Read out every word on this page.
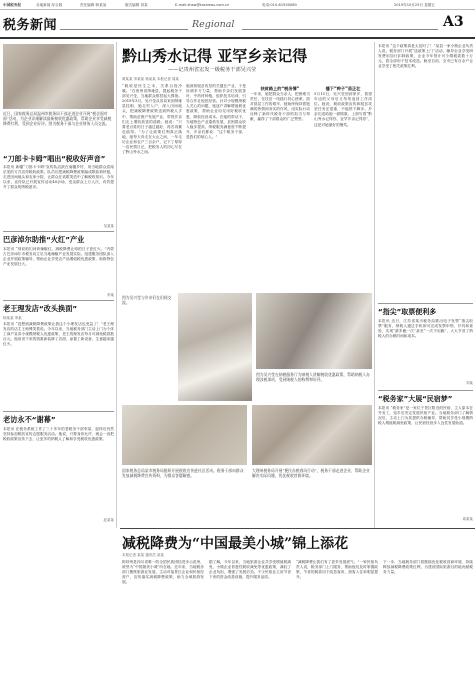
中国税务报	各地新闻 综合版	责任编辑 韩某某	版式编辑 刘某	E-mail:zhsw@taxnews.com.cn	电话:010-61930080	2019年10月25日 星期五
税务新闻	Regional	A3
近日，国家税务总局温州市税务局干部走进企业开展“税企面对面”活动，为企业详细解读最新税收优惠政策，帮助企业享受减税降费红利，受到企业好评。图为税务干部与企业财务人员交流。
“刀郎卡卡姆”唱出“税收好声音”
本报讯 新疆“刀郎卡卡姆”宣传队活跃在南疆乡村，用当地群众喜闻乐见的方式宣传税收政策。队员们把减税降费政策编成歌曲和快板，走进田间地头和农家小院，让群众在欢歌笑语中了解税收知识。今年以来，宣传队已开展宣传活动40余场，受众群众上万人次，有效提升了群众的纳税意识。
吴某某
巴彦淖尔助推“火红”产业
本报讯 “别说咱们河套辣椒红，减税降费让咱的日子更红火。”内蒙古巴彦淖尔市税务局立足当地辣椒产业发展实际，组建服务团队深入企业开展政策辅导，帮助企业享受农产品增值税优惠政策，助推特色产业发展壮大。
李某
老王理发店“改头换面”
杨某某 李某
本报讯 “没想到减税降费政策让我这个小理发店也受益了！”老王理发店的店主王师傅笑着说。今年以来，当地税务部门主动上门为个体工商户宣讲小规模纳税人优惠政策，老王的理发店每月可减免税款数百元。他用省下来的钱重新装修了店面，添置了新设备，生意越来越红火。
老访永不“谢幕”
本报讯 在税务系统工作了三十多年的老税务干部李某，退休后仍然坚持参加税收宣传志愿服务活动。他说，只要身体允许，就会一直把税收政策宣传下去，让更多的纳税人了解和享受税收优惠政策。
赵某某
黔山秀水记得 亚罕乡亲记得
——记贵州省宏发一级税务干部吴兴莹
黄某某 李某某 杨某某 本报记者 周某
“税收是民生之本，关系百姓冷暖。”在贵州省纳雍县，提起税务干部吴兴莹，当地群众都竖起大拇指。2019年3月，吴兴莹从省局来到纳雍县挂职，她走村入户，深入田间地头，把减税降费政策送到纳税人手中，帮助贫困户发展产业，带领乡亲们走上增收致富的道路。她说：“只要老百姓的日子越过越好，再苦再累也值得。”为了让政策红利真正落地，她每天奔走在大山之间，一年走访企业和农户三百余户，记下了厚厚一沓民情日记，把税务人的初心写在了黔山秀水之间。
她深知脱贫攻坚的关键在产业，于是协调多方力量，帮助乡亲们发展茶叶、中药材种植，组织技术培训，引导合作社规范经营。针对小规模纳税人关心的问题，她逐户讲解增值税优惠政策，帮助企业用足用好税收优惠，降低经营成本。在她的带动下，当地特色产业蓬勃发展，贫困群众收入稳步提高，纳税服务满意度不断提升，乡亲们都说：“这个税务干部，是我们的贴心人。”
扶贫路上的“税务情”
一年来，她把群众当亲人，把困难当责任，在扶贫一线践行初心使命。面对基层工作的艰辛，她始终保持着饱满的热情和务实的作风，用实际行动诠释了新时代税务干部的担当与奉献，赢得了干部群众的广泛赞誉。
播下“种子”苗正壮
5月15日，吴兴莹回到家乡，看望年迈的父母后又匆匆返回工作岗位。她说，税收政策宣传和脱贫攻坚任务还很重，不能停下脚步。乡亲们送给她一面锦旗，上面写着“黔山秀水记得你，亚罕乡亲记得你”，这是对她最好的褒奖。
图为吴兴莹与乡亲们在田间交流。
图为吴兴莹在纳税服务厅为纳税人讲解税收优惠政策，帮助纳税人办理涉税事项，受到纳税人的称赞和好评。
国家税务总局某市税务局组织开展税收宣传进社区活动。税务干部向群众发放减税降费宣传资料，为群众答疑解惑。
大理州税务局开展“便民办税春风行动”，税务干部走进企业，帮助企业解决实际问题，优化税收营商环境。
本报讯 “这个政策真是太及时了！”某县一家小微企业负责人说。税务部门开展“送政策上门”活动，辅导企业享受研发费用加计扣除政策，企业今年预计可少缴税款数十万元，将全部用于技术改造。截至目前，全市已有百余户企业享受了相关政策红利。
“指尖”取票便利多
本报讯 近日，江苏省某市税务局推出电子发票“指尖取票”服务，纳税人通过手机即可完成发票申领、开具和查验，实现“最多跑一次”甚至“一次不用跑”，大大节省了纳税人的办税时间和成本。
刘某
“税务家”大展“民宿梦”
本报讯 “税务家”是一家位于景区附近的民宿，主人原本在外务工，返乡后决定发展民宿产业。当地税务部门了解情况后，主动上门为其提供办税辅导，帮助其享受小规模纳税人增值税减免政策，让民宿经营步入良性发展轨道。
周某某
减税降费为“中国最美小城”锦上添花
本报记者 某某 通讯员 某某
阿坝州是四川省唯一的全国民族团结进步示范州，被誉为“中国最美小城”所在地。近年来，当地税务部门聚焦旅游业发展，主动对接景区企业和民宿经营户，宣传落实减税降费政策，助力全域旅游发展。
据了解，今年以来，当地旅游企业共享受增值税减免、小微企业普惠性税收减免等优惠政策，减轻了企业负担，增强了发展后劲。不少民宿业主用节省下来的资金改善设施、提升服务品质。
“减税降费让我们有了更多发展底气。”一家民宿负责人说，税务部门上门服务，帮助他们及时掌握政策，节省的税款用于改造客房，游客入住率明显提升。
下一步，当地税务部门将继续优化税收营商环境，持续释放减税降费政策红利，为建设国际旅游目的地贡献税务力量。
